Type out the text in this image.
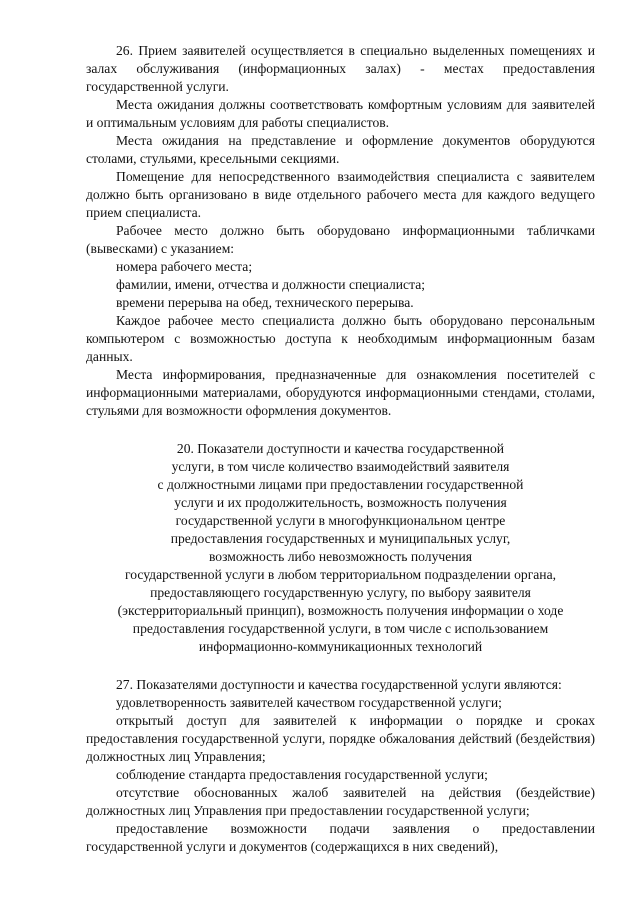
26. Прием заявителей осуществляется в специально выделенных помещениях и залах обслуживания (информационных залах) - местах предоставления государственной услуги.

Места ожидания должны соответствовать комфортным условиям для заявителей и оптимальным условиям для работы специалистов.

Места ожидания на представление и оформление документов оборудуются столами, стульями, кресельными секциями.

Помещение для непосредственного взаимодействия специалиста с заявителем должно быть организовано в виде отдельного рабочего места для каждого ведущего прием специалиста.

Рабочее место должно быть оборудовано информационными табличками (вывесками) с указанием:

номера рабочего места;

фамилии, имени, отчества и должности специалиста;

времени перерыва на обед, технического перерыва.

Каждое рабочее место специалиста должно быть оборудовано персональным компьютером с возможностью доступа к необходимым информационным базам данных.

Места информирования, предназначенные для ознакомления посетителей с информационными материалами, оборудуются информационными стендами, столами, стульями для возможности оформления документов.

20. Показатели доступности и качества государственной
услуги, в том числе количество взаимодействий заявителя
с должностными лицами при предоставлении государственной
услуги и их продолжительность, возможность получения
государственной услуги в многофункциональном центре
предоставления государственных и муниципальных услуг,
возможность либо невозможность получения
государственной услуги в любом территориальном подразделении органа,
предоставляющего государственную услугу, по выбору заявителя
(экстерриториальный принцип), возможность получения информации о ходе
предоставления государственной услуги, в том числе с использованием
информационно-коммуникационных технологий

27. Показателями доступности и качества государственной услуги являются:

удовлетворенность заявителей качеством государственной услуги;

открытый доступ для заявителей к информации о порядке и сроках предоставления государственной услуги, порядке обжалования действий (бездействия) должностных лиц Управления;

соблюдение стандарта предоставления государственной услуги;

отсутствие обоснованных жалоб заявителей на действия (бездействие) должностных лиц Управления при предоставлении государственной услуги;

предоставление возможности подачи заявления о предоставлении государственной услуги и документов (содержащихся в них сведений),
